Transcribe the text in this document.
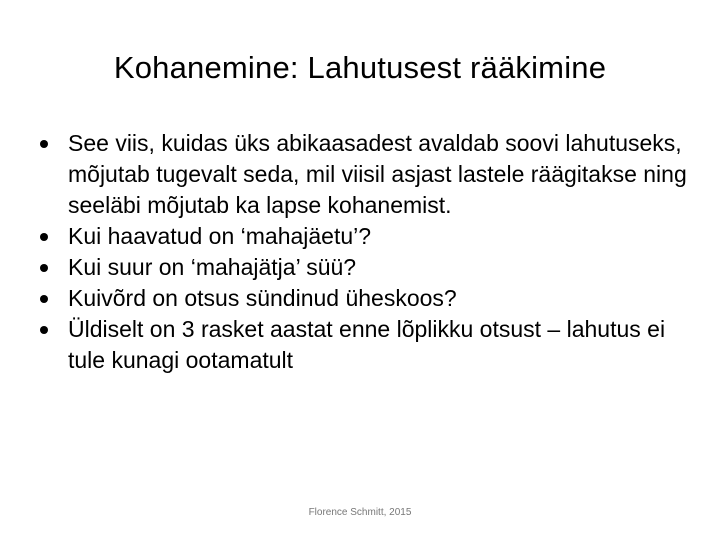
Kohanemine: Lahutusest rääkimine
See viis, kuidas üks abikaasadest avaldab soovi lahutuseks, mõjutab tugevalt seda, mil viisil asjast lastele räägitakse ning seeläbi mõjutab ka lapse kohanemist.
Kui haavatud on ‘mahajäetu’?
Kui suur on ‘mahajätja’ süü?
Kuivõrd on otsus sündinud üheskoos?
Üldiselt on 3 rasket aastat enne lõplikku otsust – lahutus ei tule kunagi ootamatult
Florence Schmitt, 2015
